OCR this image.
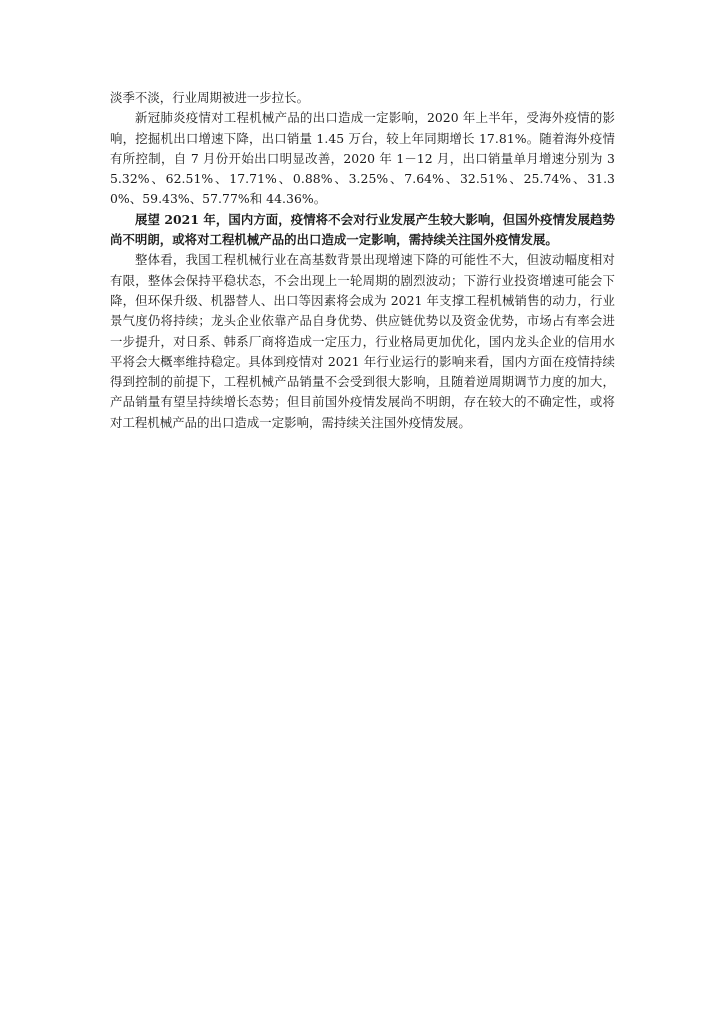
淡季不淡，行业周期被进一步拉长。

新冠肺炎疫情对工程机械产品的出口造成一定影响，2020 年上半年，受海外疫情的影响，挖掘机出口增速下降，出口销量 1.45 万台，较上年同期增长 17.81%。随着海外疫情有所控制，自 7 月份开始出口明显改善，2020 年 1－12 月，出口销量单月增速分别为 35.32%、62.51%、17.71%、0.88%、3.25%、7.64%、32.51%、25.74%、31.30%、59.43%、57.77%和 44.36%。

展望 2021 年，国内方面，疫情将不会对行业发展产生较大影响，但国外疫情发展趋势尚不明朗，或将对工程机械产品的出口造成一定影响，需持续关注国外疫情发展。

整体看，我国工程机械行业在高基数背景出现增速下降的可能性不大，但波动幅度相对有限，整体会保持平稳状态，不会出现上一轮周期的剧烈波动；下游行业投资增速可能会下降，但环保升级、机器替人、出口等因素将会成为 2021 年支撑工程机械销售的动力，行业景气度仍将持续；龙头企业依靠产品自身优势、供应链优势以及资金优势，市场占有率会进一步提升，对日系、韩系厂商将造成一定压力，行业格局更加优化，国内龙头企业的信用水平将会大概率维持稳定。具体到疫情对 2021 年行业运行的影响来看，国内方面在疫情持续得到控制的前提下，工程机械产品销量不会受到很大影响，且随着逆周期调节力度的加大，产品销量有望呈持续增长态势；但目前国外疫情发展尚不明朗，存在较大的不确定性，或将对工程机械产品的出口造成一定影响，需持续关注国外疫情发展。
